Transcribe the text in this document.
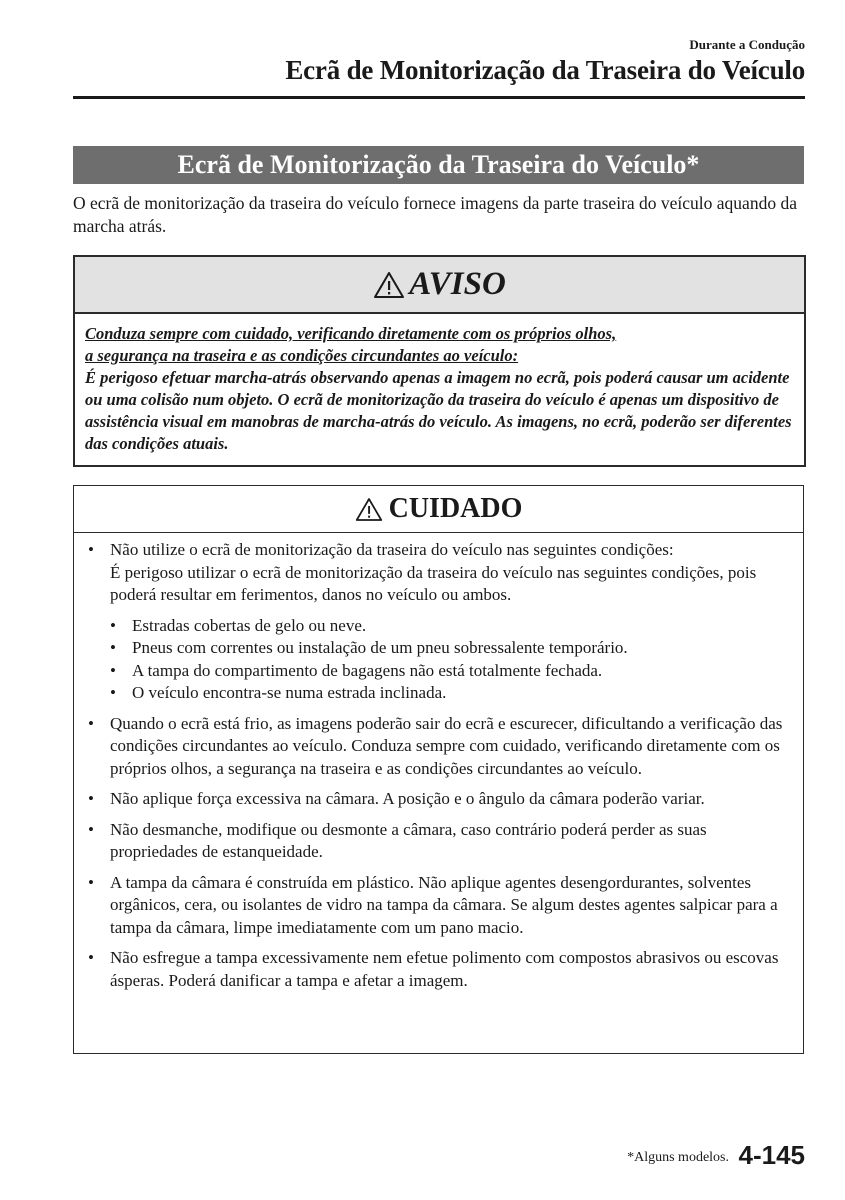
Durante a Condução
Ecrã de Monitorização da Traseira do Veículo
Ecrã de Monitorização da Traseira do Veículo*
O ecrã de monitorização da traseira do veículo fornece imagens da parte traseira do veículo aquando da marcha atrás.
AVISO
Conduza sempre com cuidado, verificando diretamente com os próprios olhos,
a segurança na traseira e as condições circundantes ao veículo:
É perigoso efetuar marcha-atrás observando apenas a imagem no ecrã, pois poderá causar um acidente ou uma colisão num objeto. O ecrã de monitorização da traseira do veículo é apenas um dispositivo de assistência visual em manobras de marcha-atrás do veículo. As imagens, no ecrã, poderão ser diferentes das condições atuais.
CUIDADO
• Não utilize o ecrã de monitorização da traseira do veículo nas seguintes condições:
É perigoso utilizar o ecrã de monitorização da traseira do veículo nas seguintes condições, pois poderá resultar em ferimentos, danos no veículo ou ambos.
• Estradas cobertas de gelo ou neve.
• Pneus com correntes ou instalação de um pneu sobressalente temporário.
• A tampa do compartimento de bagagens não está totalmente fechada.
• O veículo encontra-se numa estrada inclinada.
• Quando o ecrã está frio, as imagens poderão sair do ecrã e escurecer, dificultando a verificação das condições circundantes ao veículo. Conduza sempre com cuidado, verificando diretamente com os próprios olhos, a segurança na traseira e as condições circundantes ao veículo.
• Não aplique força excessiva na câmara. A posição e o ângulo da câmara poderão variar.
• Não desmanche, modifique ou desmonte a câmara, caso contrário poderá perder as suas propriedades de estanqueidade.
• A tampa da câmara é construída em plástico. Não aplique agentes desengordurantes, solventes orgânicos, cera, ou isolantes de vidro na tampa da câmara. Se algum destes agentes salpicar para a tampa da câmara, limpe imediatamente com um pano macio.
• Não esfregue a tampa excessivamente nem efetue polimento com compostos abrasivos ou escovas ásperas. Poderá danificar a tampa e afetar a imagem.
*Alguns modelos. 4-145
